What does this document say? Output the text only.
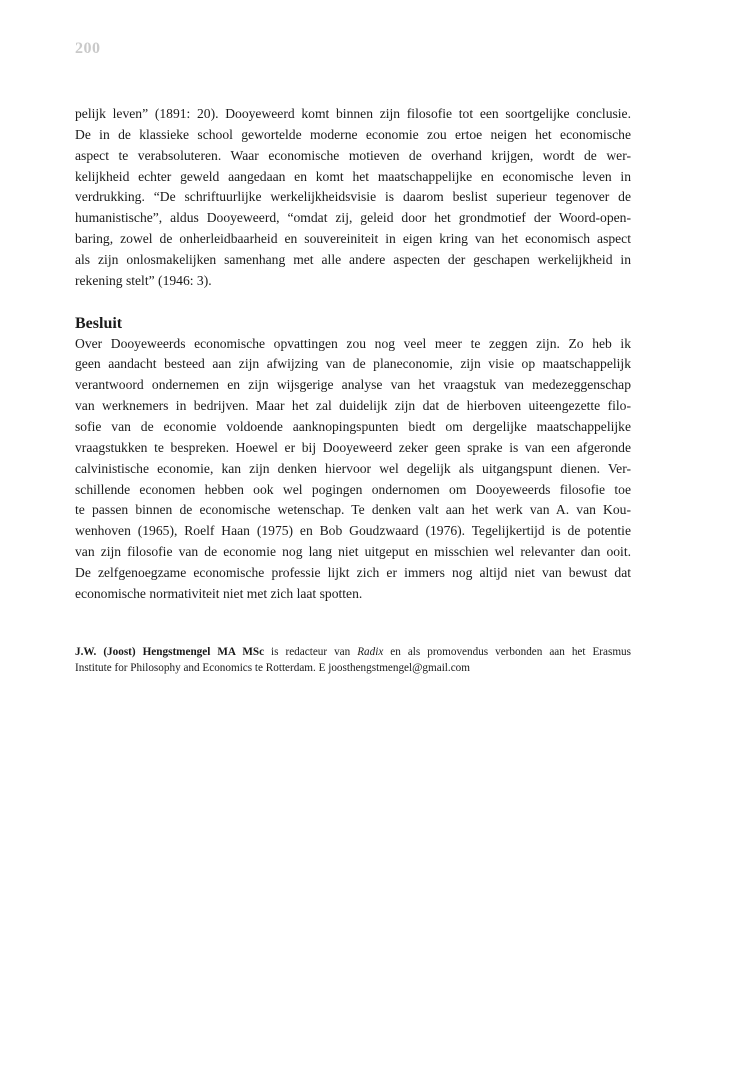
200
pelijk leven” (1891: 20). Dooyeweerd komt binnen zijn filosofie tot een soortgelijke conclusie.
De in de klassieke school gewortelde moderne economie zou ertoe neigen het economische
aspect te verabsoluteren. Waar economische motieven de overhand krijgen, wordt de wer-
kelijkheid echter geweld aangedaan en komt het maatschappelijke en economische leven in
verdrukking. “De schriftuurlijke werkelijkheidsvisie is daarom beslist superieur tegenover de
humanistische”, aldus Dooyeweerd, “omdat zij, geleid door het grondmotief der Woord-open-
baring, zowel de onherleidbaarheid en souvereiniteit in eigen kring van het economisch aspect
als zijn onlosmakelijken samenhang met alle andere aspecten der geschapen werkelijkheid in
rekening stelt” (1946: 3).
Besluit
Over Dooyeweerds economische opvattingen zou nog veel meer te zeggen zijn. Zo heb ik
geen aandacht besteed aan zijn afwijzing van de planeconomie, zijn visie op maatschappelijk
verantwoord ondernemen en zijn wijsgerige analyse van het vraagstuk van medezeggenschap
van werknemers in bedrijven. Maar het zal duidelijk zijn dat de hierboven uiteengezette filo-
sofie van de economie voldoende aanknopingspunten biedt om dergelijke maatschappelijke
vraagstukken te bespreken. Hoewel er bij Dooyeweerd zeker geen sprake is van een afgeronde
calvinistische economie, kan zijn denken hiervoor wel degelijk als uitgangspunt dienen. Ver-
schillende economen hebben ook wel pogingen ondernomen om Dooyeweerds filosofie toe
te passen binnen de economische wetenschap. Te denken valt aan het werk van A. van Kou-
wenhoven (1965), Roelf Haan (1975) en Bob Goudzwaard (1976). Tegelijkertijd is de potentie
van zijn filosofie van de economie nog lang niet uitgeput en misschien wel relevanter dan ooit.
De zelfgenoegzame economische professie lijkt zich er immers nog altijd niet van bewust dat
economische normativiteit niet met zich laat spotten.
J.W. (Joost) Hengstmengel MA MSc is redacteur van Radix en als promovendus verbonden aan het Erasmus
Institute for Philosophy and Economics te Rotterdam. E joosthengstmengel@gmail.com
